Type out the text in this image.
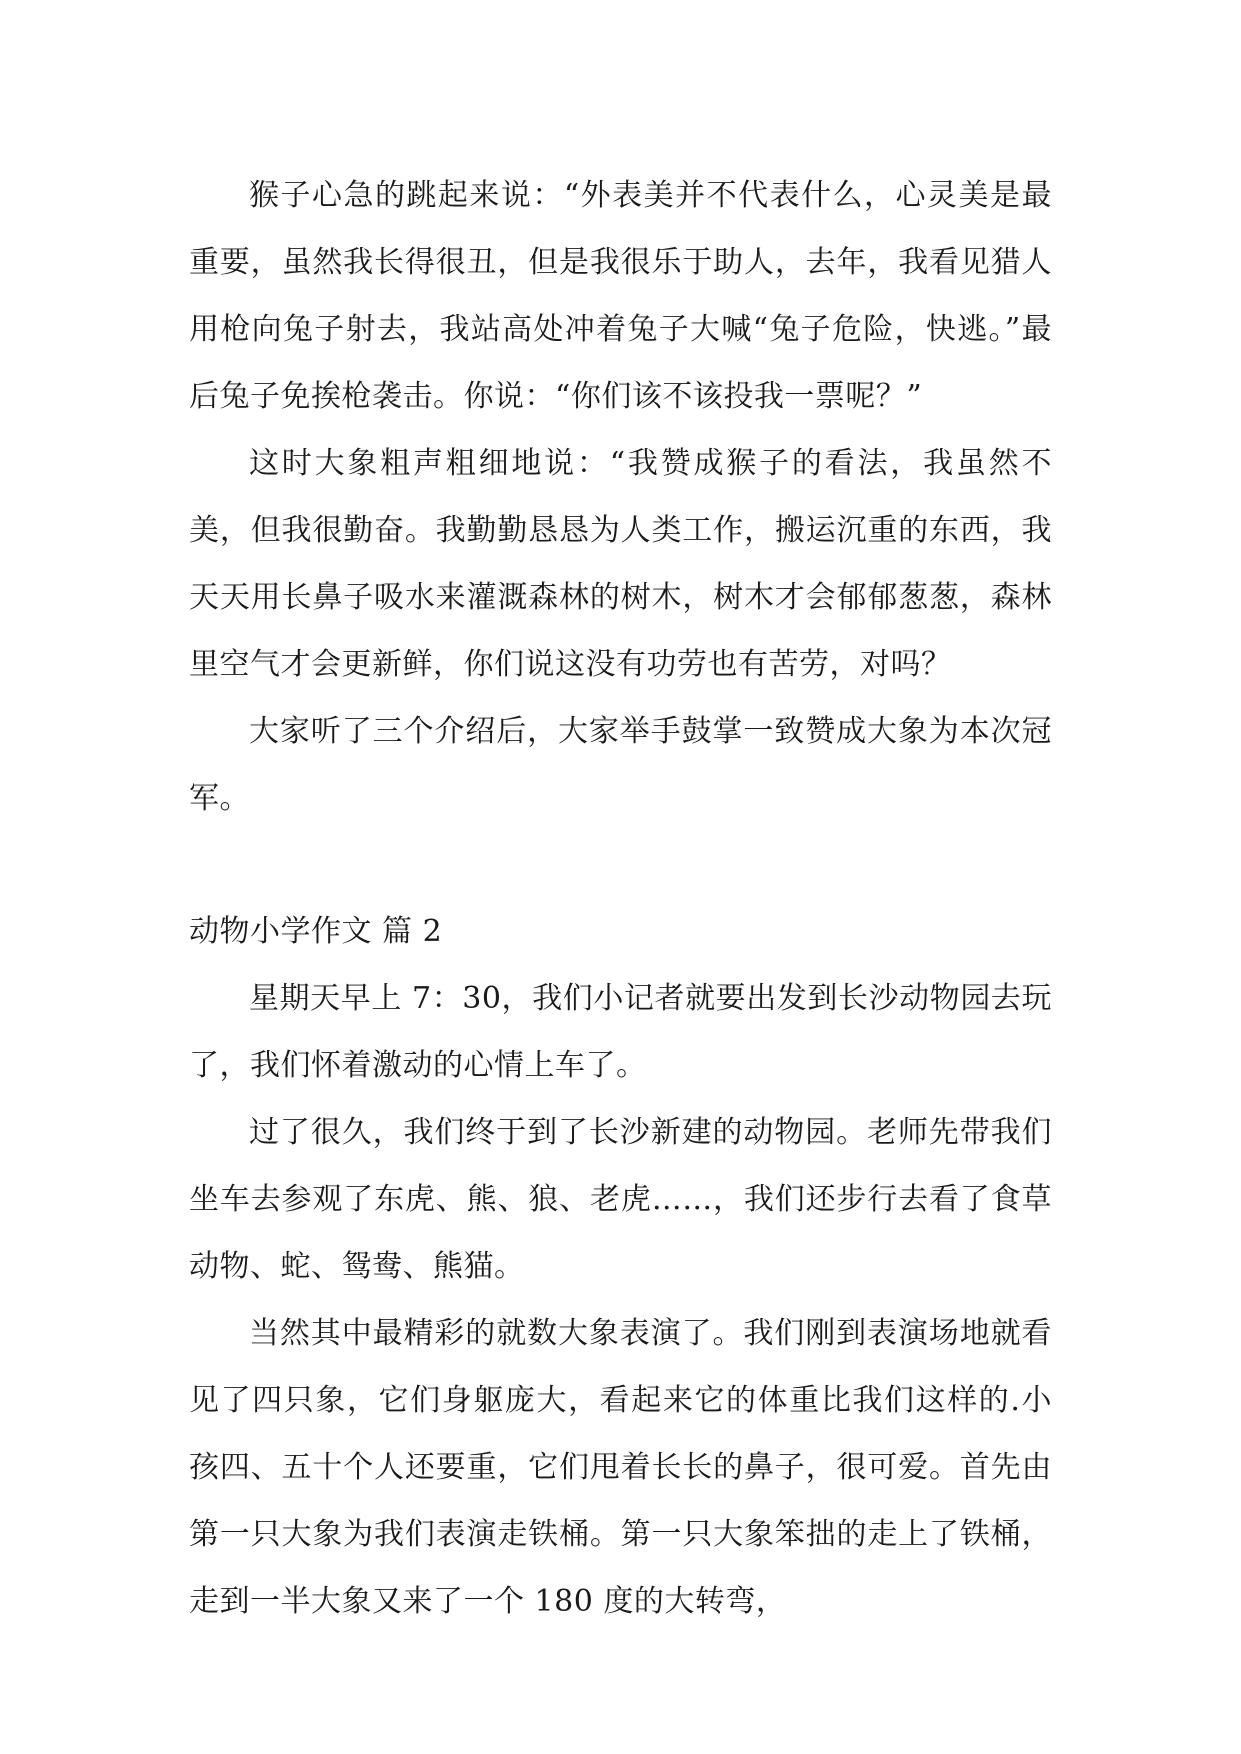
猴子心急的跳起来说：“外表美并不代表什么，心灵美是最重要，虽然我长得很丑，但是我很乐于助人，去年，我看见猎人用枪向兔子射去，我站高处冲着兔子大喊“兔子危险，快逃。”最后兔子免挨枪袭击。你说：“你们该不该投我一票呢？”

这时大象粗声粗细地说：“我赞成猴子的看法，我虽然不美，但我很勤奋。我勤勤恳恳为人类工作，搬运沉重的东西，我天天用长鼻子吸水来灌溉森林的树木，树木才会郁郁葱葱，森林里空气才会更新鲜，你们说这没有功劳也有苦劳，对吗？

大家听了三个介绍后，大家举手鼓掌一致赞成大象为本次冠军。

动物小学作文 篇 2

星期天早上 7：30，我们小记者就要出发到长沙动物园去玩了，我们怀着激动的心情上车了。

过了很久，我们终于到了长沙新建的动物园。老师先带我们坐车去参观了东虎、熊、狼、老虎……，我们还步行去看了食草动物、蛇、鸳鸯、熊猫。

当然其中最精彩的就数大象表演了。我们刚到表演场地就看见了四只象，它们身躯庞大，看起来它的体重比我们这样的.小孩四、五十个人还要重，它们甩着长长的鼻子，很可爱。首先由第一只大象为我们表演走铁桶。第一只大象笨拙的走上了铁桶，走到一半大象又来了一个 180 度的大转弯，
